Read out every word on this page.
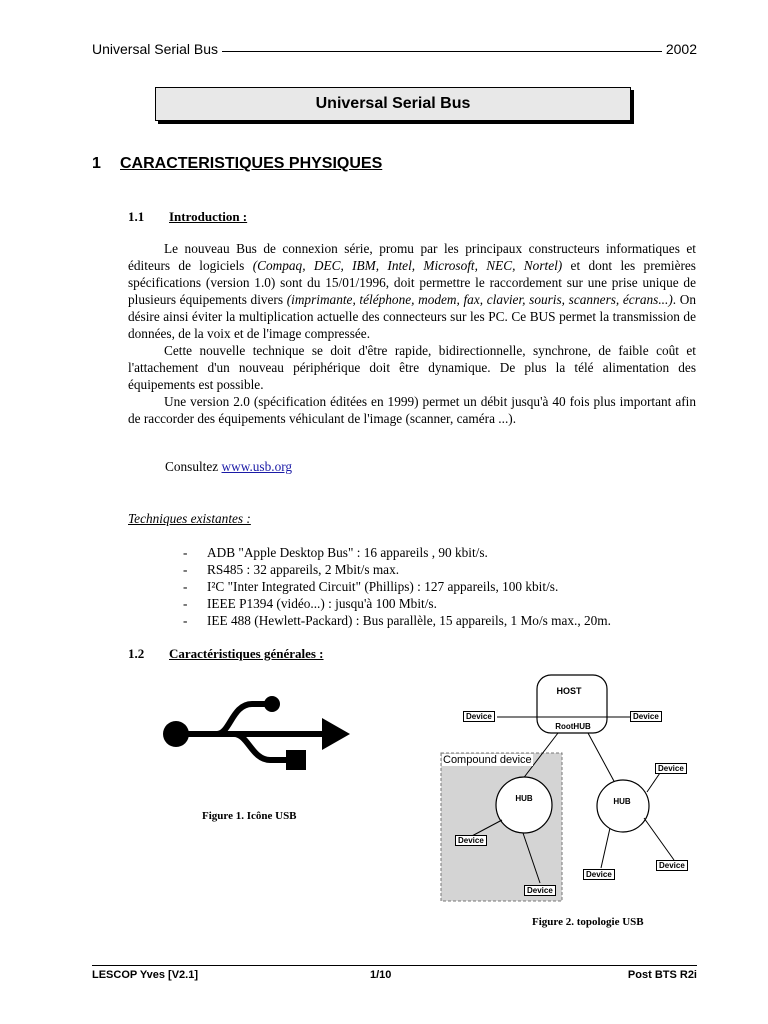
Universal Serial Bus	2002
Universal Serial Bus
1 CARACTERISTIQUES PHYSIQUES
1.1 Introduction :

Le nouveau Bus de connexion série, promu par les principaux constructeurs informatiques et éditeurs de logiciels (Compaq, DEC, IBM, Intel, Microsoft, NEC, Nortel) et dont les premières spécifications (version 1.0) sont du 15/01/1996, doit permettre le raccordement sur une prise unique de plusieurs équipements divers (imprimante, téléphone, modem, fax, clavier, souris, scanners, écrans...). On désire ainsi éviter la multiplication actuelle des connecteurs sur les PC. Ce BUS permet la transmission de données, de la voix et de l'image compressée.

Cette nouvelle technique se doit d'être rapide, bidirectionnelle, synchrone, de faible coût et l'attachement d'un nouveau périphérique doit être dynamique. De plus la télé alimentation des équipements est possible.

Une version 2.0 (spécification éditées en 1999) permet un débit jusqu'à 40 fois plus important afin de raccorder des équipements véhiculant de l'image (scanner, caméra ...).

Consultez www.usb.org
Techniques existantes :
- ADB "Apple Desktop Bus" : 16 appareils , 90 kbit/s.
- RS485 : 32 appareils, 2 Mbit/s max.
- I²C "Inter Integrated Circuit" (Phillips) : 127 appareils, 100 kbit/s.
- IEEE P1394 (vidéo...) : jusqu'à 100 Mbit/s.
- IEE 488 (Hewlett-Packard) : Bus parallèle, 15 appareils, 1 Mo/s max., 20m.
1.2 Caractéristiques générales :
Figure 1. Icône USB
HOST
RootHUB
Compound device
HUB	HUB
Device	Device
Device
Device
Device
Device
Device
Figure 2. topologie USB
LESCOP Yves [V2.1]	1/10	Post BTS R2i
